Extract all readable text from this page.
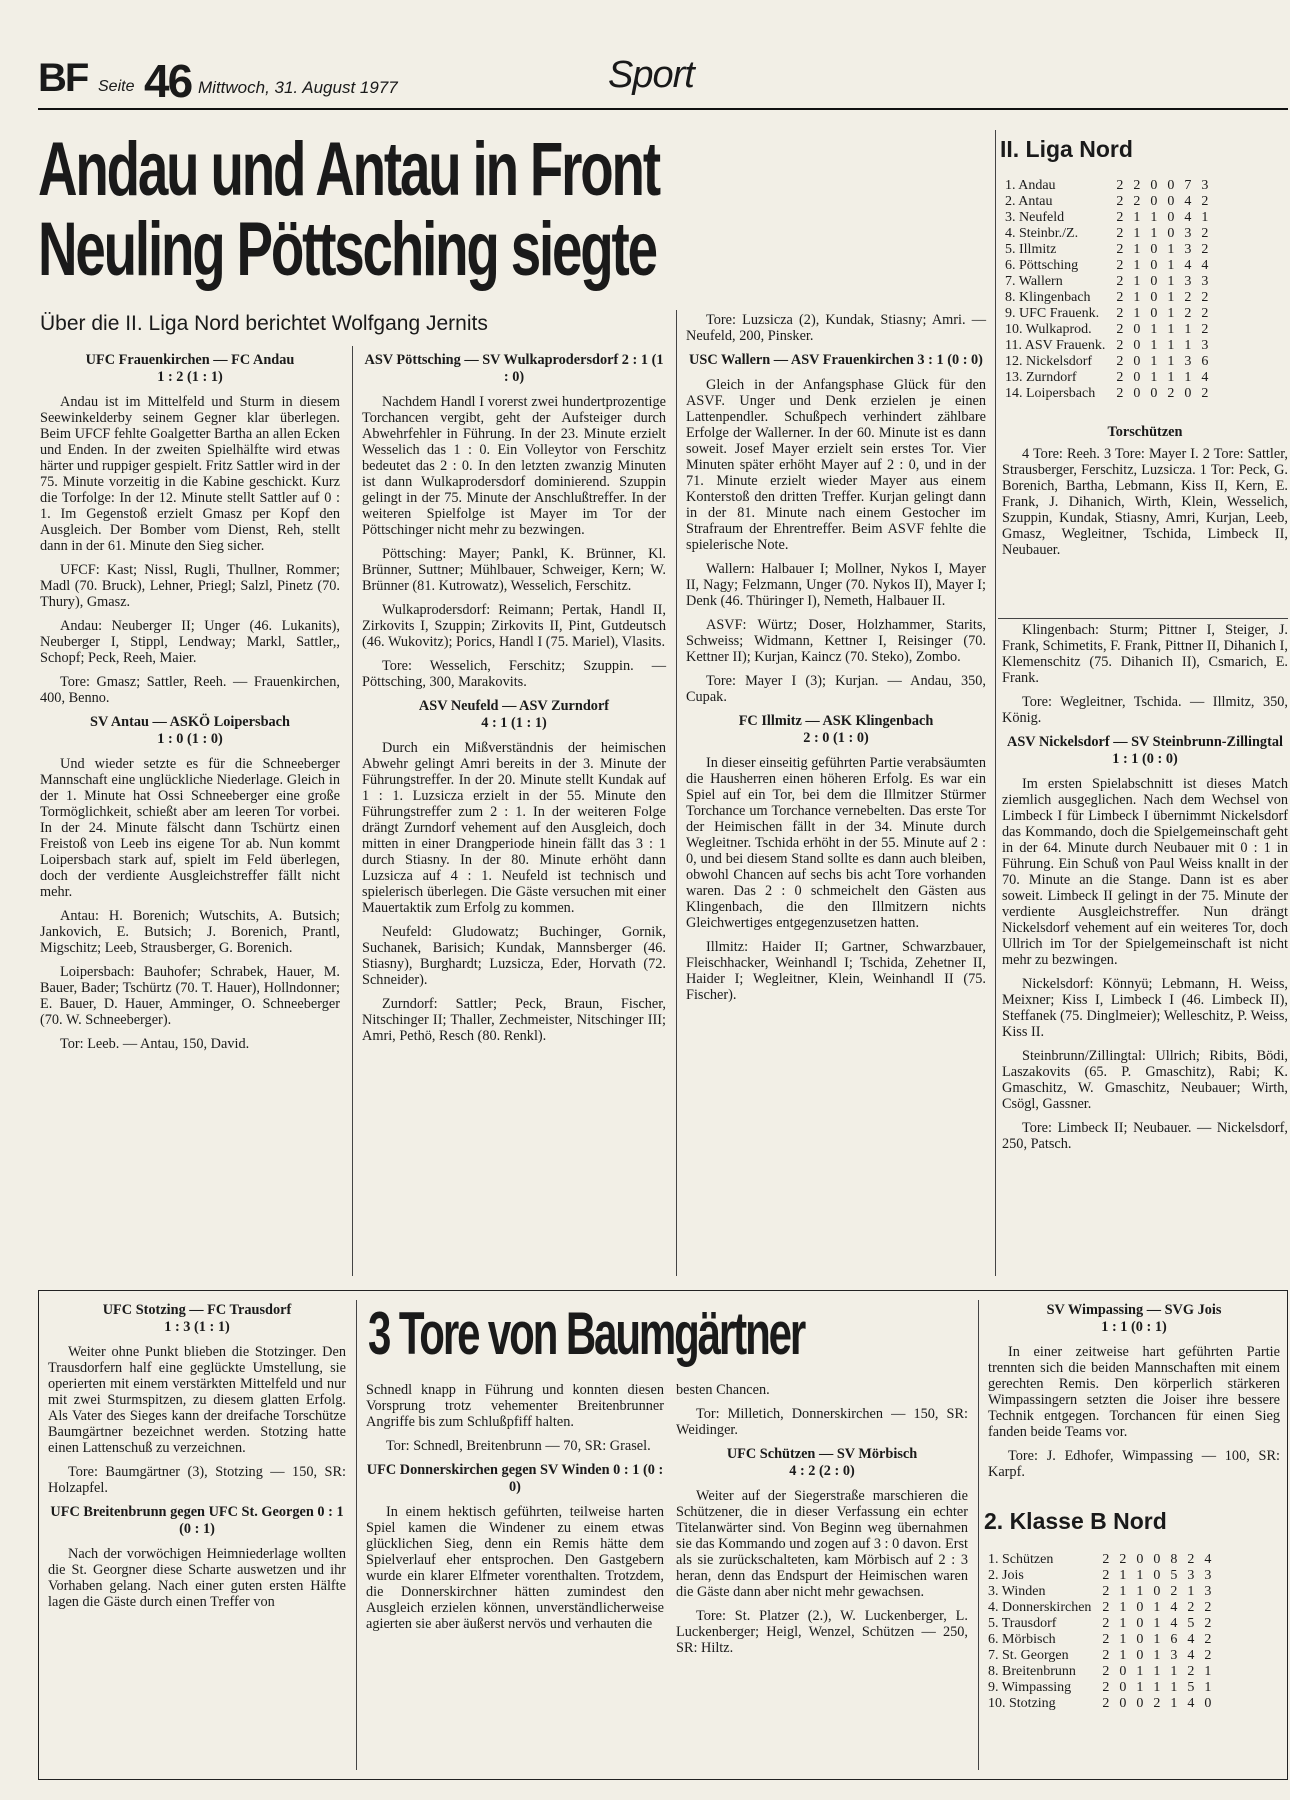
BF Seite 46 Mittwoch, 31. August 1977	Sport
Andau und Antau in Front
Neuling Pöttsching siegte
Über die II. Liga Nord berichtet Wolfgang Jernits
UFC Frauenkirchen — FC Andau
1 : 2 (1 : 1)

Andau ist im Mittelfeld und Sturm in diesem Seewinkelderby seinem Gegner klar überlegen. Beim UFCF fehlte Goalgetter Bartha an allen Ecken und Enden. In der zweiten Spielhälfte wird etwas härter und ruppiger gespielt. Fritz Sattler wird in der 75. Minute vorzeitig in die Kabine geschickt. Kurz die Torfolge: In der 12. Minute stellt Sattler auf 0 : 1. Im Gegenstoß erzielt Gmasz per Kopf den Ausgleich. Der Bomber vom Dienst, Reh, stellt dann in der 61. Minute den Sieg sicher.

UFCF: Kast; Nissl, Rugli, Thullner, Rommer; Madl (70. Bruck), Lehner, Priegl; Salzl, Pinetz (70. Thury), Gmasz.

Andau: Neuberger II; Unger (46. Lukanits), Neuberger I, Stippl, Lendway; Markl, Sattler,, Schopf; Peck, Reeh, Maier.

Tore: Gmasz; Sattler, Reeh. — Frauenkirchen, 400, Benno.

SV Antau — ASKÖ Loipersbach
1 : 0 (1 : 0)

Und wieder setzte es für die Schneeberger Mannschaft eine unglückliche Niederlage. Gleich in der 1. Minute hat Ossi Schneeberger eine große Tormöglichkeit, schießt aber am leeren Tor vorbei. In der 24. Minute fälscht dann Tschürtz einen Freistoß von Leeb ins eigene Tor ab. Nun kommt Loipersbach stark auf, spielt im Feld überlegen, doch der verdiente Ausgleichstreffer fällt nicht mehr.

Antau: H. Borenich; Wutschits, A. Butsich; Jankovich, E. Butsich; J. Borenich, Prantl, Migschitz; Leeb, Strausberger, G. Borenich.

Loipersbach: Bauhofer; Schrabek, Hauer, M. Bauer, Bader; Tschürtz (70. T. Hauer), Hollndonner; E. Bauer, D. Hauer, Amminger, O. Schneeberger (70. W. Schneeberger).

Tor: Leeb. — Antau, 150, David.

ASV Pöttsching — SV Wulkaprodersdorf 2 : 1 (1 : 0)

Nachdem Handl I vorerst zwei hundertprozentige Torchancen vergibt, geht der Aufsteiger durch Abwehrfehler in Führung. In der 23. Minute erzielt Wesselich das 1 : 0. Ein Volleytor von Ferschitz bedeutet das 2 : 0. In den letzten zwanzig Minuten ist dann Wulkaprodersdorf dominierend. Szuppin gelingt in der 75. Minute der Anschlußtreffer. In der weiteren Spielfolge ist Mayer im Tor der Pöttschinger nicht mehr zu bezwingen.

Pöttsching: Mayer; Pankl, K. Brünner, Kl. Brünner, Suttner; Mühlbauer, Schweiger, Kern; W. Brünner (81. Kutrowatz), Wesselich, Ferschitz.

Wulkaprodersdorf: Reimann; Pertak, Handl II, Zirkovits I, Szuppin; Zirkovits II, Pint, Gutdeutsch (46. Wukovitz); Porics, Handl I (75. Mariel), Vlasits.

Tore: Wesselich, Ferschitz; Szuppin. — Pöttsching, 300, Marakovits.

ASV Neufeld — ASV Zurndorf
4 : 1 (1 : 1)

Durch ein Mißverständnis der heimischen Abwehr gelingt Amri bereits in der 3. Minute der Führungstreffer. In der 20. Minute stellt Kundak auf 1 : 1. Luzsicza erzielt in der 55. Minute den Führungstreffer zum 2 : 1. In der weiteren Folge drängt Zurndorf vehement auf den Ausgleich, doch mitten in einer Drangperiode hinein fällt das 3 : 1 durch Stiasny. In der 80. Minute erhöht dann Luzsicza auf 4 : 1. Neufeld ist technisch und spielerisch überlegen. Die Gäste versuchen mit einer Mauertaktik zum Erfolg zu kommen.

Neufeld: Gludowatz; Buchinger, Gornik, Suchanek, Barisich; Kundak, Mannsberger (46. Stiasny), Burghardt; Luzsicza, Eder, Horvath (72. Schneider).

Zurndorf: Sattler; Peck, Braun, Fischer, Nitschinger II; Thaller, Zechmeister, Nitschinger III; Amri, Pethö, Resch (80. Renkl).

Tore: Luzsicza (2), Kundak, Stiasny; Amri. — Neufeld, 200, Pinsker.

USC Wallern — ASV Frauenkirchen 3 : 1 (0 : 0)

Gleich in der Anfangsphase Glück für den ASVF. Unger und Denk erzielen je einen Lattenpendler. Schußpech verhindert zählbare Erfolge der Wallerner. In der 60. Minute ist es dann soweit. Josef Mayer erzielt sein erstes Tor. Vier Minuten später erhöht Mayer auf 2 : 0, und in der 71. Minute erzielt wieder Mayer aus einem Konterstoß den dritten Treffer. Kurjan gelingt dann in der 81. Minute nach einem Gestocher im Strafraum der Ehrentreffer. Beim ASVF fehlte die spielerische Note.

Wallern: Halbauer I; Mollner, Nykos I, Mayer II, Nagy; Felzmann, Unger (70. Nykos II), Mayer I; Denk (46. Thüringer I), Nemeth, Halbauer II.

ASVF: Würtz; Doser, Holzhammer, Starits, Schweiss; Widmann, Kettner I, Reisinger (70. Kettner II); Kurjan, Kaincz (70. Steko), Zombo.

Tore: Mayer I (3); Kurjan. — Andau, 350, Cupak.

FC Illmitz — ASK Klingenbach
2 : 0 (1 : 0)

In dieser einseitig geführten Partie verabsäumten die Hausherren einen höheren Erfolg. Es war ein Spiel auf ein Tor, bei dem die Illmitzer Stürmer Torchance um Torchance vernebelten. Das erste Tor der Heimischen fällt in der 34. Minute durch Wegleitner. Tschida erhöht in der 55. Minute auf 2 : 0, und bei diesem Stand sollte es dann auch bleiben, obwohl Chancen auf sechs bis acht Tore vorhanden waren. Das 2 : 0 schmeichelt den Gästen aus Klingenbach, die den Illmitzern nichts Gleichwertiges entgegenzusetzen hatten.

Illmitz: Haider II; Gartner, Schwarzbauer, Fleischhacker, Weinhandl I; Tschida, Zehetner II, Haider I; Wegleitner, Klein, Weinhandl II (75. Fischer).

II. Liga Nord
1. Andau	2	2	0	0	7	3
2. Antau	2	2	0	0	4	2
3. Neufeld	2	1	1	0	4	1
4. Steinbr./Z.	2	1	1	0	3	2
5. Illmitz	2	1	0	1	3	2
6. Pöttsching	2	1	0	1	4	4
7. Wallern	2	1	0	1	3	3
8. Klingenbach	2	1	0	1	2	2
9. UFC Frauenk.	2	1	0	1	2	2
10. Wulkaprod.	2	0	1	1	1	2
11. ASV Frauenk.	2	0	1	1	1	3
12. Nickelsdorf	2	0	1	1	3	6
13. Zurndorf	2	0	1	1	1	4
14. Loipersbach	2	0	0	2	0	2
Torschützen

4 Tore: Reeh. 3 Tore: Mayer I. 2 Tore: Sattler, Strausberger, Ferschitz, Luzsicza. 1 Tor: Peck, G. Borenich, Bartha, Lebmann, Kiss II, Kern, E. Frank, J. Dihanich, Wirth, Klein, Wesselich, Szuppin, Kundak, Stiasny, Amri, Kurjan, Leeb, Gmasz, Wegleitner, Tschida, Limbeck II, Neubauer.

Klingenbach: Sturm; Pittner I, Steiger, J. Frank, Schimetits, F. Frank, Pittner II, Dihanich I, Klemenschitz (75. Dihanich II), Csmarich, E. Frank.

Tore: Wegleitner, Tschida. — Illmitz, 350, König.

ASV Nickelsdorf — SV Steinbrunn-Zillingtal 1 : 1 (0 : 0)

Im ersten Spielabschnitt ist dieses Match ziemlich ausgeglichen. Nach dem Wechsel von Limbeck I für Limbeck I übernimmt Nickelsdorf das Kommando, doch die Spielgemeinschaft geht in der 64. Minute durch Neubauer mit 0 : 1 in Führung. Ein Schuß von Paul Weiss knallt in der 70. Minute an die Stange. Dann ist es aber soweit. Limbeck II gelingt in der 75. Minute der verdiente Ausgleichstreffer. Nun drängt Nickelsdorf vehement auf ein weiteres Tor, doch Ullrich im Tor der Spielgemeinschaft ist nicht mehr zu bezwingen.

Nickelsdorf: Könnyü; Lebmann, H. Weiss, Meixner; Kiss I, Limbeck I (46. Limbeck II), Steffanek (75. Dinglmeier); Welleschitz, P. Weiss, Kiss II.

Steinbrunn/Zillingtal: Ullrich; Ribits, Bödi, Laszakovits (65. P. Gmaschitz), Rabi; K. Gmaschitz, W. Gmaschitz, Neubauer; Wirth, Csögl, Gassner.

Tore: Limbeck II; Neubauer. — Nickelsdorf, 250, Patsch.

3 Tore von Baumgärtner
UFC Stotzing — FC Trausdorf
1 : 3 (1 : 1)

Weiter ohne Punkt blieben die Stotzinger. Den Trausdorfern half eine geglückte Umstellung, sie operierten mit einem verstärkten Mittelfeld und nur mit zwei Sturmspitzen, zu diesem glatten Erfolg. Als Vater des Sieges kann der dreifache Torschütze Baumgärtner bezeichnet werden. Stotzing hatte einen Lattenschuß zu verzeichnen.

Tore: Baumgärtner (3), Stotzing — 150, SR: Holzapfel.

UFC Breitenbrunn gegen UFC St. Georgen 0 : 1 (0 : 1)

Nach der vorwöchigen Heimniederlage wollten die St. Georgner diese Scharte auswetzen und ihr Vorhaben gelang. Nach einer guten ersten Hälfte lagen die Gäste durch einen Treffer von

Schnedl knapp in Führung und konnten diesen Vorsprung trotz vehementer Breitenbrunner Angriffe bis zum Schlußpfiff halten.

Tor: Schnedl, Breitenbrunn — 70, SR: Grasel.

UFC Donnerskirchen gegen SV Winden 0 : 1 (0 : 0)

In einem hektisch geführten, teilweise harten Spiel kamen die Windener zu einem etwas glücklichen Sieg, denn ein Remis hätte dem Spielverlauf eher entsprochen. Den Gastgebern wurde ein klarer Elfmeter vorenthalten. Trotzdem, die Donnerskirchner hätten zumindest den Ausgleich erzielen können, unverständlicherweise agierten sie aber äußerst nervös und verhauten die

besten Chancen.

Tor: Milletich, Donnerskirchen — 150, SR: Weidinger.

UFC Schützen — SV Mörbisch
4 : 2 (2 : 0)

Weiter auf der Siegerstraße marschieren die Schützener, die in dieser Verfassung ein echter Titelanwärter sind. Von Beginn weg übernahmen sie das Kommando und zogen auf 3 : 0 davon. Erst als sie zurückschalteten, kam Mörbisch auf 2 : 3 heran, denn das Endspurt der Heimischen waren die Gäste dann aber nicht mehr gewachsen.

Tore: St. Platzer (2.), W. Luckenberger, L. Luckenberger; Heigl, Wenzel, Schützen — 250, SR: Hiltz.

SV Wimpassing — SVG Jois
1 : 1 (0 : 1)

In einer zeitweise hart geführten Partie trennten sich die beiden Mannschaften mit einem gerechten Remis. Den körperlich stärkeren Wimpassingern setzten die Joiser ihre bessere Technik entgegen. Torchancen für einen Sieg fanden beide Teams vor.

Tore: J. Edhofer, Wimpassing — 100, SR: Karpf.

2. Klasse B Nord
1. Schützen	2	2	0	0	8	2	4
2. Jois	2	1	1	0	5	3	3
3. Winden	2	1	1	0	2	1	3
4. Donnerskirchen	2	1	0	1	4	2	2
5. Trausdorf	2	1	0	1	4	5	2
6. Mörbisch	2	1	0	1	6	4	2
7. St. Georgen	2	1	0	1	3	4	2
8. Breitenbrunn	2	0	1	1	1	2	1
9. Wimpassing	2	0	1	1	1	5	1
10. Stotzing	2	0	0	2	1	4	0
